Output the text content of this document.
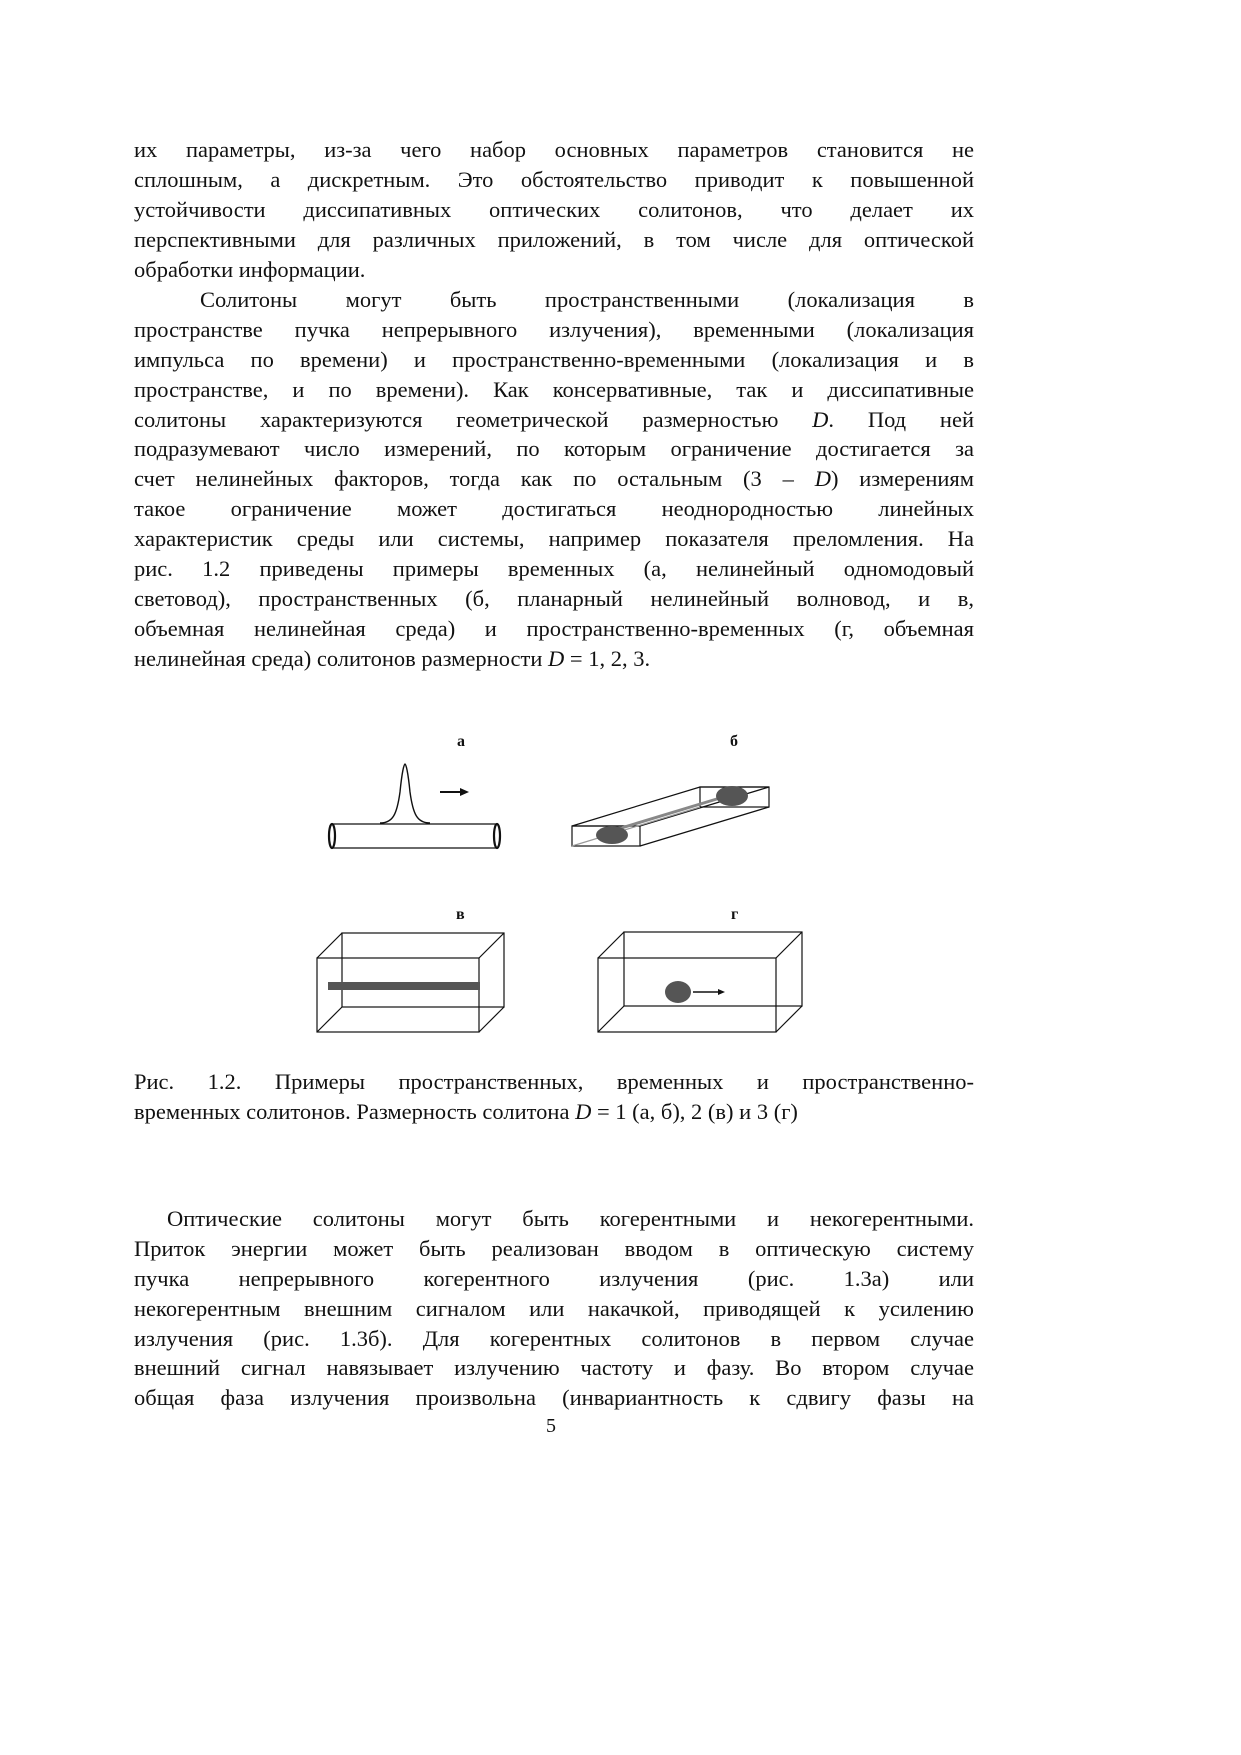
их параметры, из-за чего набор основных параметров становится не
сплошным, а дискретным. Это обстоятельство приводит к повышенной
устойчивости диссипативных оптических солитонов, что делает их
перспективными для различных приложений, в том числе для оптической
обработки информации.
Солитоны могут быть пространственными (локализация в
пространстве пучка непрерывного излучения), временными (локализация
импульса по времени) и пространственно-временными (локализация и в
пространстве, и по времени). Как консервативные, так и диссипативные
солитоны характеризуются геометрической размерностью D. Под ней
подразумевают число измерений, по которым ограничение достигается за
счет нелинейных факторов, тогда как по остальным (3 – D) измерениям
такое ограничение может достигаться неоднородностью линейных
характеристик среды или системы, например показателя преломления. На
рис. 1.2 приведены примеры временных (а, нелинейный одномодовый
световод), пространственных (б, планарный нелинейный волновод, и в,
объемная нелинейная среда) и пространственно-временных (г, объемная
нелинейная среда) солитонов размерности D = 1, 2, 3.
а	б
в	г
Рис. 1.2. Примеры пространственных, временных и пространственно-
временных солитонов. Размерность солитона D = 1 (а, б), 2 (в) и 3 (г)
Оптические солитоны могут быть когерентными и некогерентными.
Приток энергии может быть реализован вводом в оптическую систему
пучка непрерывного когерентного излучения (рис. 1.3а) или
некогерентным внешним сигналом или накачкой, приводящей к усилению
излучения (рис. 1.3б). Для когерентных солитонов в первом случае
внешний сигнал навязывает излучению частоту и фазу. Во втором случае
общая фаза излучения произвольна (инвариантность к сдвигу фазы на
5
